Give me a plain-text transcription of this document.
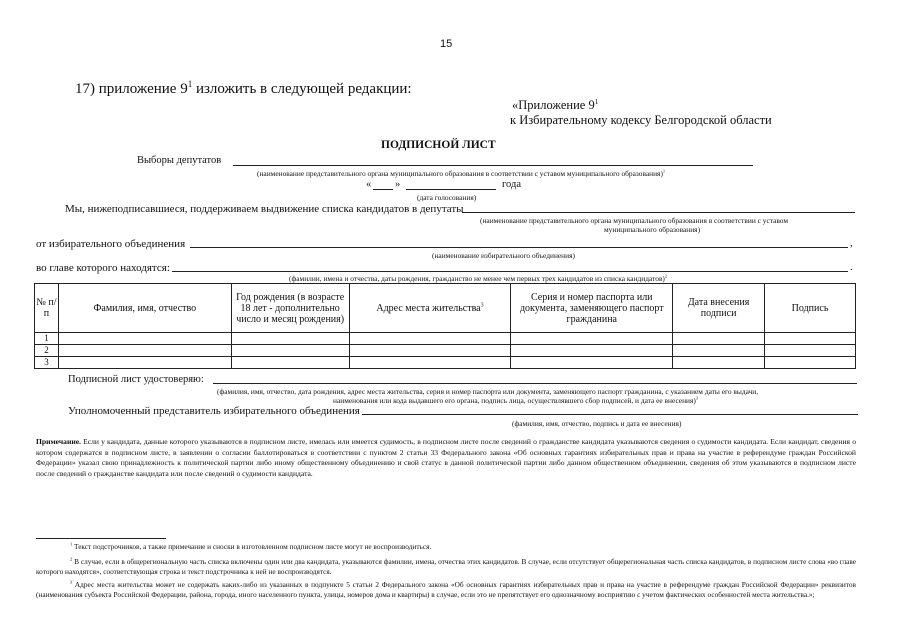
15
17) приложение $9^1$ изложить в следующей редакции:
«Приложение $9^1$
к Избирательному кодексу Белгородской области
ПОДПИСНОЙ ЛИСТ
Выборы депутатов
(наименование представительного органа муниципального образования в соответствии с уставом муниципального образования)$^1$
« »	года
(дата голосования)
Мы, нижеподписавшиеся, поддерживаем выдвижение списка кандидатов в депутаты
(наименование представительного органа муниципального образования в соответствии с уставом
муниципального образования)
от избирательного объединения	,
(наименование избирательного объединения)
во главе которого находятся:	.
(фамилии, имена и отчества, даты рождения, гражданство не менее чем первых трех кандидатов из списка кандидатов)$^2$
№ п/п	Фамилия, имя, отчество	Год рождения (в возрасте 18 лет - дополнительно число и месяц рождения)	Адрес места жительства$^3$	Серия и номер паспорта или документа, заменяющего паспорт гражданина	Дата внесения подписи	Подпись
1						
2						
3						
Подписной лист удостоверяю:
(фамилия, имя, отчество, дата рождения, адрес места жительства, серия и номер паспорта или документа, заменяющего паспорт гражданина, с указанием даты его выдачи,
наименования или кода выдавшего его органа, подпись лица, осуществлявшего сбор подписей, и дата ее внесения)$^3$
Уполномоченный представитель избирательного объединения
(фамилия, имя, отчество, подпись и дата ее внесения)
Примечание. Если у кандидата, данные которого указываются в подписном листе, имелась или имеется судимость, в подписном листе после сведений о гражданстве кандидата указываются сведения о судимости кандидата. Если кандидат, сведения о котором содержатся в подписном листе, в заявлении о согласии баллотироваться в соответствии с пунктом 2 статьи 33 Федерального закона «Об основных гарантиях избирательных прав и права на участие в референдуме граждан Российской Федерации» указал свою принадлежность к политической партии либо иному общественному объединению и свой статус в данной политической партии либо данном общественном объединении, сведения об этом указываются в подписном листе после сведений о гражданстве кандидата или после сведений о судимости кандидата.
$^1$ Текст подстрочников, а также примечание и сноски в изготовленном подписном листе могут не воспроизводиться.
$^2$ В случае, если в общерегиональную часть списка включены один или два кандидата, указываются фамилии, имена, отчества этих кандидатов. В случае, если отсутствует общерегиональная часть списка кандидатов, в подписном листе слова «во главе которого находятся», соответствующая строка и текст подстрочника к ней не воспроизводятся.
$^3$ Адрес места жительства может не содержать каких-либо из указанных в подпункте 5 статьи 2 Федерального закона «Об основных гарантиях избирательных прав и права на участие в референдуме граждан Российской Федерации» реквизитов (наименования субъекта Российской Федерации, района, города, иного населенного пункта, улицы, номеров дома и квартиры) в случае, если это не препятствует его однозначному восприятию с учетом фактических особенностей места жительства.»;
